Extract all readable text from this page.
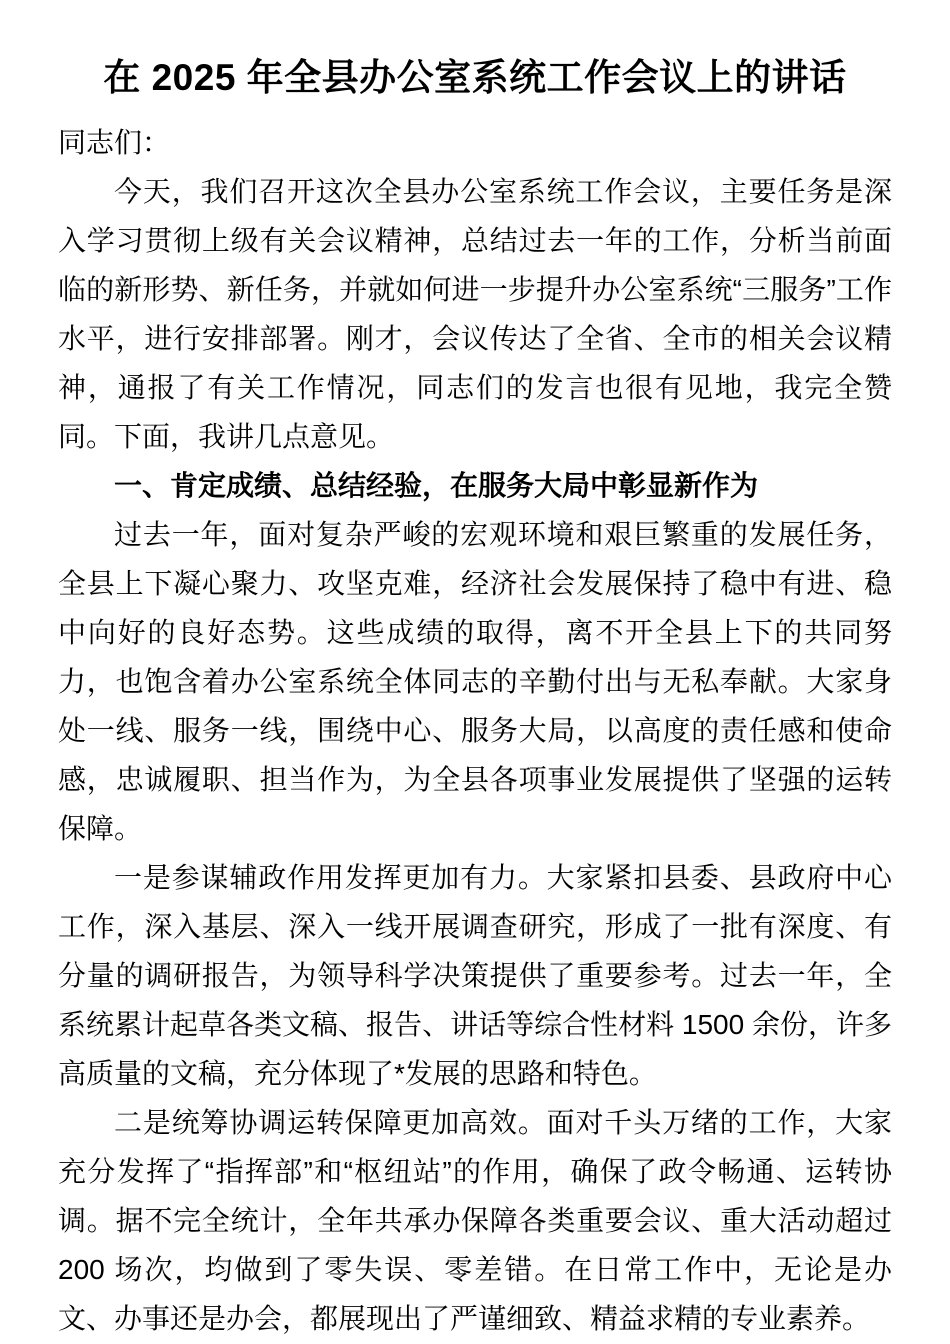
在 2025 年全县办公室系统工作会议上的讲话

同志们：

今天，我们召开这次全县办公室系统工作会议，主要任务是深入学习贯彻上级有关会议精神，总结过去一年的工作，分析当前面临的新形势、新任务，并就如何进一步提升办公室系统“三服务”工作水平，进行安排部署。刚才，会议传达了全省、全市的相关会议精神，通报了有关工作情况，同志们的发言也很有见地，我完全赞同。下面，我讲几点意见。

一、肯定成绩、总结经验，在服务大局中彰显新作为

过去一年，面对复杂严峻的宏观环境和艰巨繁重的发展任务，全县上下凝心聚力、攻坚克难，经济社会发展保持了稳中有进、稳中向好的良好态势。这些成绩的取得，离不开全县上下的共同努力，也饱含着办公室系统全体同志的辛勤付出与无私奉献。大家身处一线、服务一线，围绕中心、服务大局，以高度的责任感和使命感，忠诚履职、担当作为，为全县各项事业发展提供了坚强的运转保障。

一是参谋辅政作用发挥更加有力。大家紧扣县委、县政府中心工作，深入基层、深入一线开展调查研究，形成了一批有深度、有分量的调研报告，为领导科学决策提供了重要参考。过去一年，全系统累计起草各类文稿、报告、讲话等综合性材料 1500 余份，许多高质量的文稿，充分体现了*发展的思路和特色。

二是统筹协调运转保障更加高效。面对千头万绪的工作，大家充分发挥了“指挥部”和“枢纽站”的作用，确保了政令畅通、运转协调。据不完全统计，全年共承办保障各类重要会议、重大活动超过 200 场次，均做到了零失误、零差错。在日常工作中，无论是办文、办事还是办会，都展现出了严谨细致、精益求精的专业素养。
